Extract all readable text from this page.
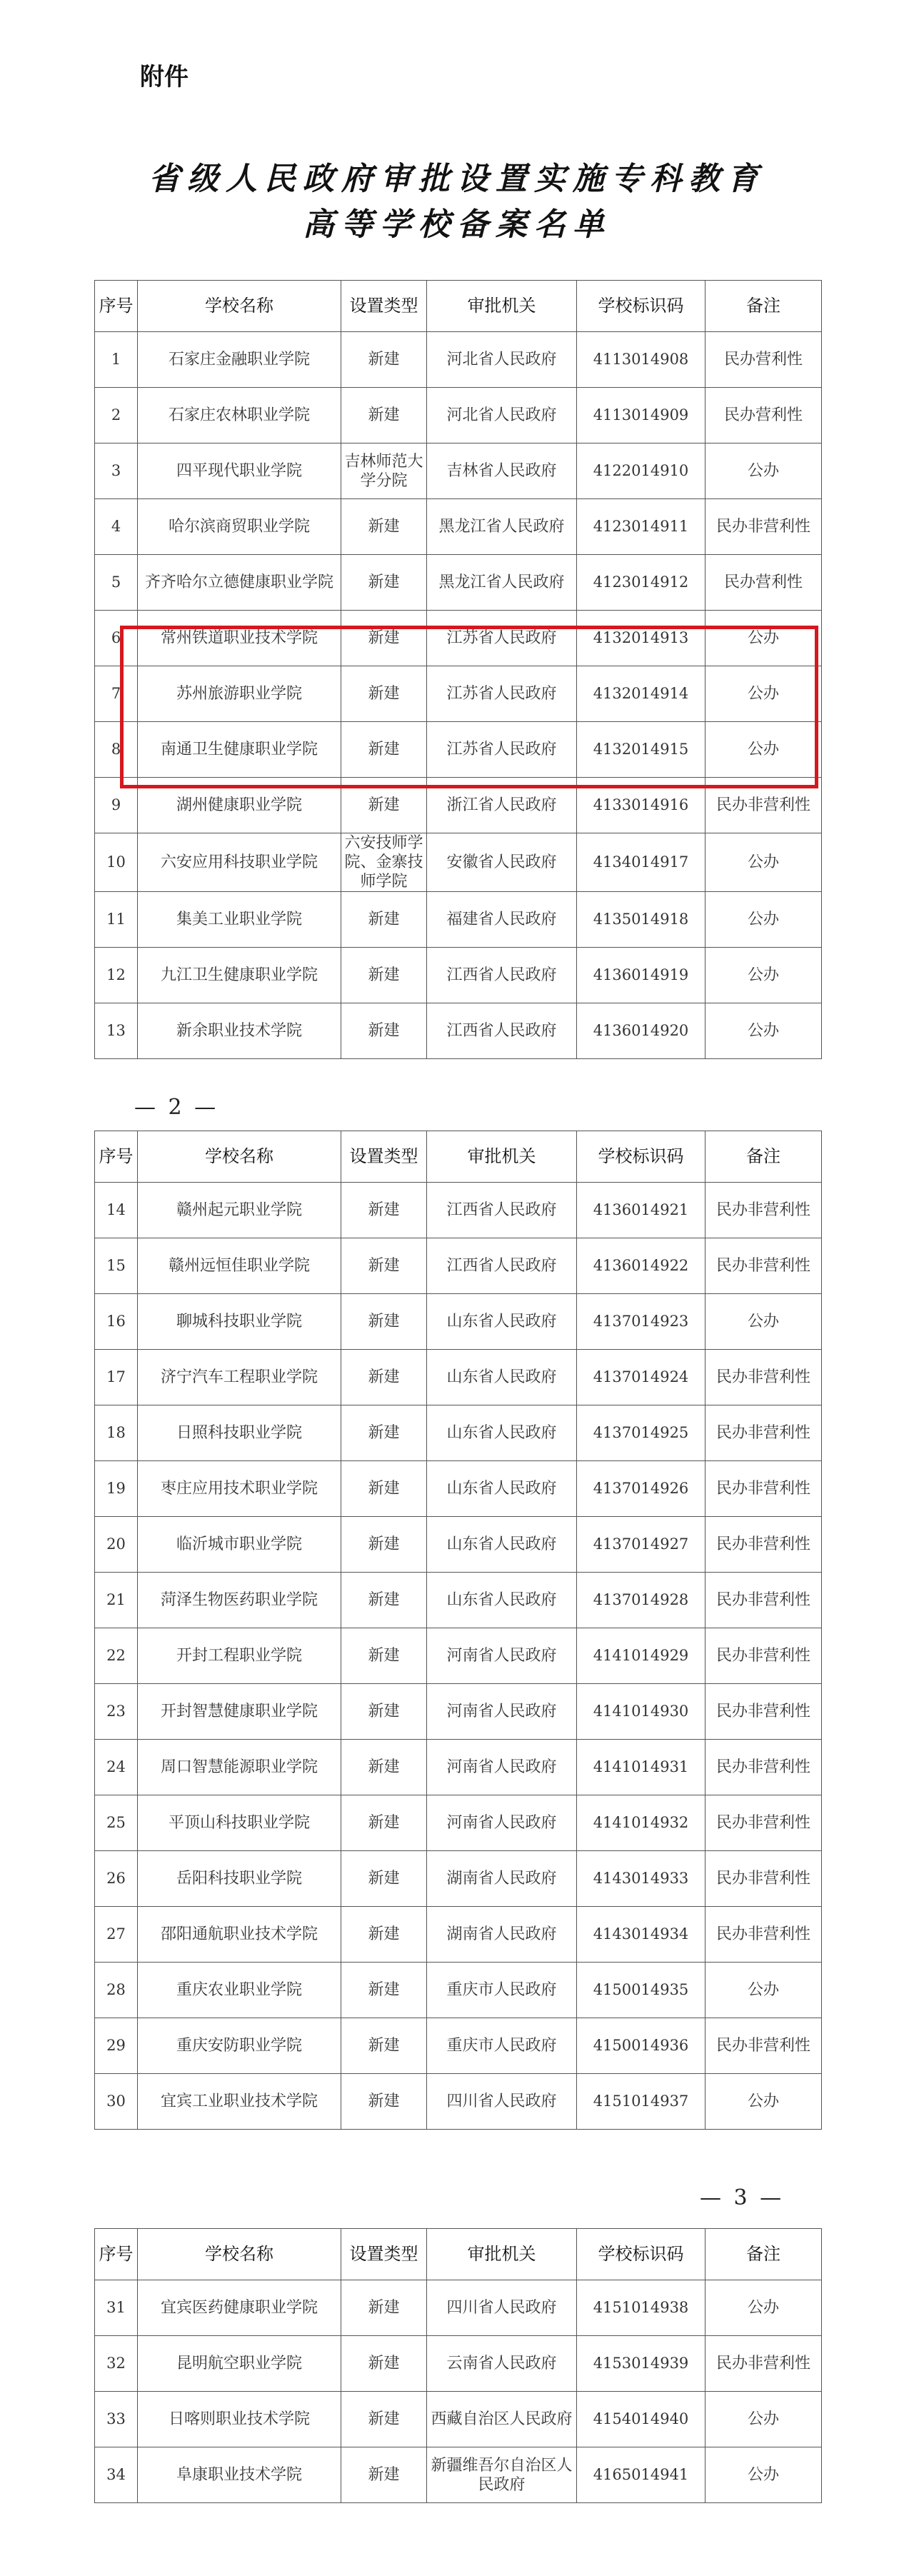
附件
省级人民政府审批设置实施专科教育
高等学校备案名单
序号	学校名称	设置类型	审批机关	学校标识码	备注
1	石家庄金融职业学院	新建	河北省人民政府	4113014908	民办营利性
2	石家庄农林职业学院	新建	河北省人民政府	4113014909	民办营利性
3	四平现代职业学院	吉林师范大学分院	吉林省人民政府	4122014910	公办
4	哈尔滨商贸职业学院	新建	黑龙江省人民政府	4123014911	民办非营利性
5	齐齐哈尔立德健康职业学院	新建	黑龙江省人民政府	4123014912	民办营利性
6	常州铁道职业技术学院	新建	江苏省人民政府	4132014913	公办
7	苏州旅游职业学院	新建	江苏省人民政府	4132014914	公办
8	南通卫生健康职业学院	新建	江苏省人民政府	4132014915	公办
9	湖州健康职业学院	新建	浙江省人民政府	4133014916	民办非营利性
10	六安应用科技职业学院	六安技师学院、金寨技师学院	安徽省人民政府	4134014917	公办
11	集美工业职业学院	新建	福建省人民政府	4135014918	公办
12	九江卫生健康职业学院	新建	江西省人民政府	4136014919	公办
13	新余职业技术学院	新建	江西省人民政府	4136014920	公办
— 2 —
序号	学校名称	设置类型	审批机关	学校标识码	备注
14	赣州起元职业学院	新建	江西省人民政府	4136014921	民办非营利性
15	赣州远恒佳职业学院	新建	江西省人民政府	4136014922	民办非营利性
16	聊城科技职业学院	新建	山东省人民政府	4137014923	公办
17	济宁汽车工程职业学院	新建	山东省人民政府	4137014924	民办非营利性
18	日照科技职业学院	新建	山东省人民政府	4137014925	民办非营利性
19	枣庄应用技术职业学院	新建	山东省人民政府	4137014926	民办非营利性
20	临沂城市职业学院	新建	山东省人民政府	4137014927	民办非营利性
21	菏泽生物医药职业学院	新建	山东省人民政府	4137014928	民办非营利性
22	开封工程职业学院	新建	河南省人民政府	4141014929	民办非营利性
23	开封智慧健康职业学院	新建	河南省人民政府	4141014930	民办非营利性
24	周口智慧能源职业学院	新建	河南省人民政府	4141014931	民办非营利性
25	平顶山科技职业学院	新建	河南省人民政府	4141014932	民办非营利性
26	岳阳科技职业学院	新建	湖南省人民政府	4143014933	民办非营利性
27	邵阳通航职业技术学院	新建	湖南省人民政府	4143014934	民办非营利性
28	重庆农业职业学院	新建	重庆市人民政府	4150014935	公办
29	重庆安防职业学院	新建	重庆市人民政府	4150014936	民办非营利性
30	宜宾工业职业技术学院	新建	四川省人民政府	4151014937	公办
— 3 —
序号	学校名称	设置类型	审批机关	学校标识码	备注
31	宜宾医药健康职业学院	新建	四川省人民政府	4151014938	公办
32	昆明航空职业学院	新建	云南省人民政府	4153014939	民办非营利性
33	日喀则职业技术学院	新建	西藏自治区人民政府	4154014940	公办
34	阜康职业技术学院	新建	新疆维吾尔自治区人民政府	4165014941	公办
